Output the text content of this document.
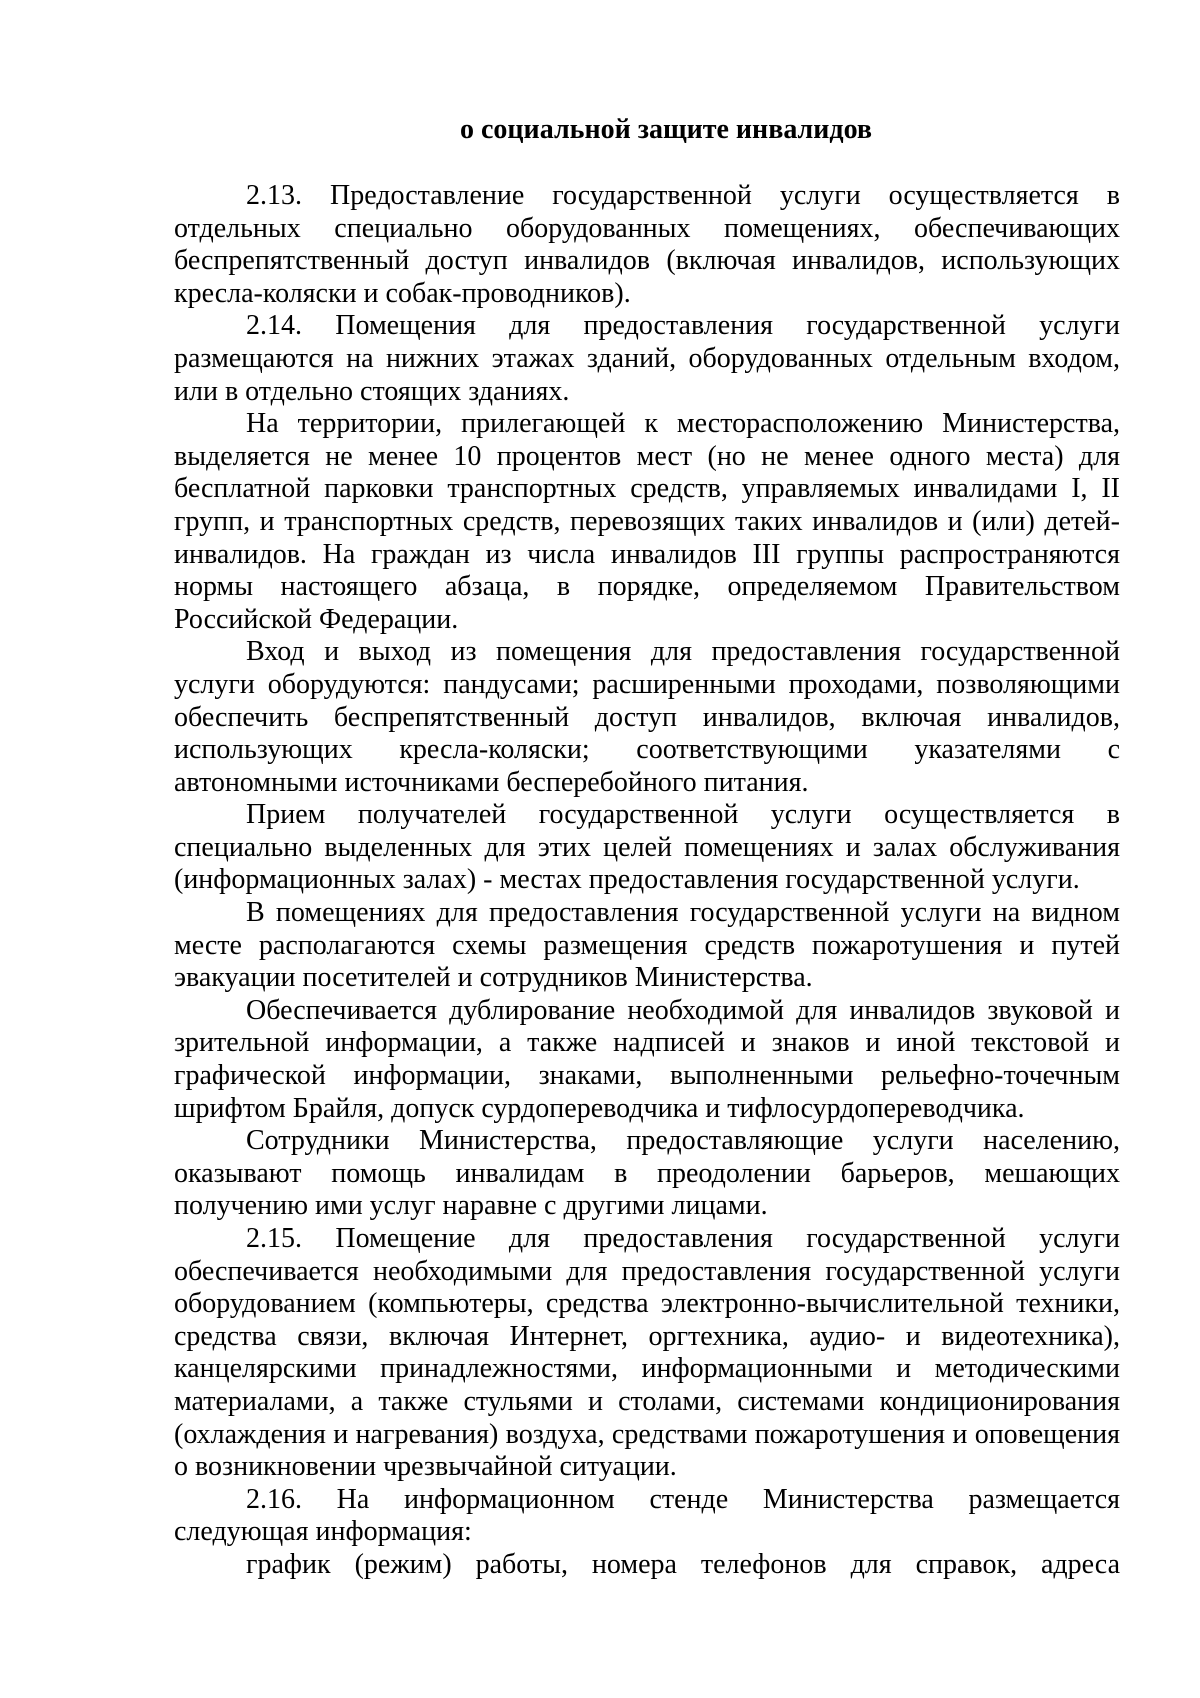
о социальной защите инвалидов

2.13. Предоставление государственной услуги осуществляется в отдельных специально оборудованных помещениях, обеспечивающих беспрепятственный доступ инвалидов (включая инвалидов, использующих кресла-коляски и собак-проводников).

2.14. Помещения для предоставления государственной услуги размещаются на нижних этажах зданий, оборудованных отдельным входом, или в отдельно стоящих зданиях.

На территории, прилегающей к месторасположению Министерства, выделяется не менее 10 процентов мест (но не менее одного места) для бесплатной парковки транспортных средств, управляемых инвалидами I, II групп, и транспортных средств, перевозящих таких инвалидов и (или) детей-инвалидов. На граждан из числа инвалидов III группы распространяются нормы настоящего абзаца, в порядке, определяемом Правительством Российской Федерации.

Вход и выход из помещения для предоставления государственной услуги оборудуются: пандусами; расширенными проходами, позволяющими обеспечить беспрепятственный доступ инвалидов, включая инвалидов, использующих кресла-коляски; соответствующими указателями с автономными источниками бесперебойного питания.

Прием получателей государственной услуги осуществляется в специально выделенных для этих целей помещениях и залах обслуживания (информационных залах) - местах предоставления государственной услуги.

В помещениях для предоставления государственной услуги на видном месте располагаются схемы размещения средств пожаротушения и путей эвакуации посетителей и сотрудников Министерства.

Обеспечивается дублирование необходимой для инвалидов звуковой и зрительной информации, а также надписей и знаков и иной текстовой и графической информации, знаками, выполненными рельефно-точечным шрифтом Брайля, допуск сурдопереводчика и тифлосурдопереводчика.

Сотрудники Министерства, предоставляющие услуги населению, оказывают помощь инвалидам в преодолении барьеров, мешающих получению ими услуг наравне с другими лицами.

2.15. Помещение для предоставления государственной услуги обеспечивается необходимыми для предоставления государственной услуги оборудованием (компьютеры, средства электронно-вычислительной техники, средства связи, включая Интернет, оргтехника, аудио- и видеотехника), канцелярскими принадлежностями, информационными и методическими материалами, а также стульями и столами, системами кондиционирования (охлаждения и нагревания) воздуха, средствами пожаротушения и оповещения о возникновении чрезвычайной ситуации.

2.16. На информационном стенде Министерства размещается следующая информация:

график (режим) работы, номера телефонов для справок, адреса
